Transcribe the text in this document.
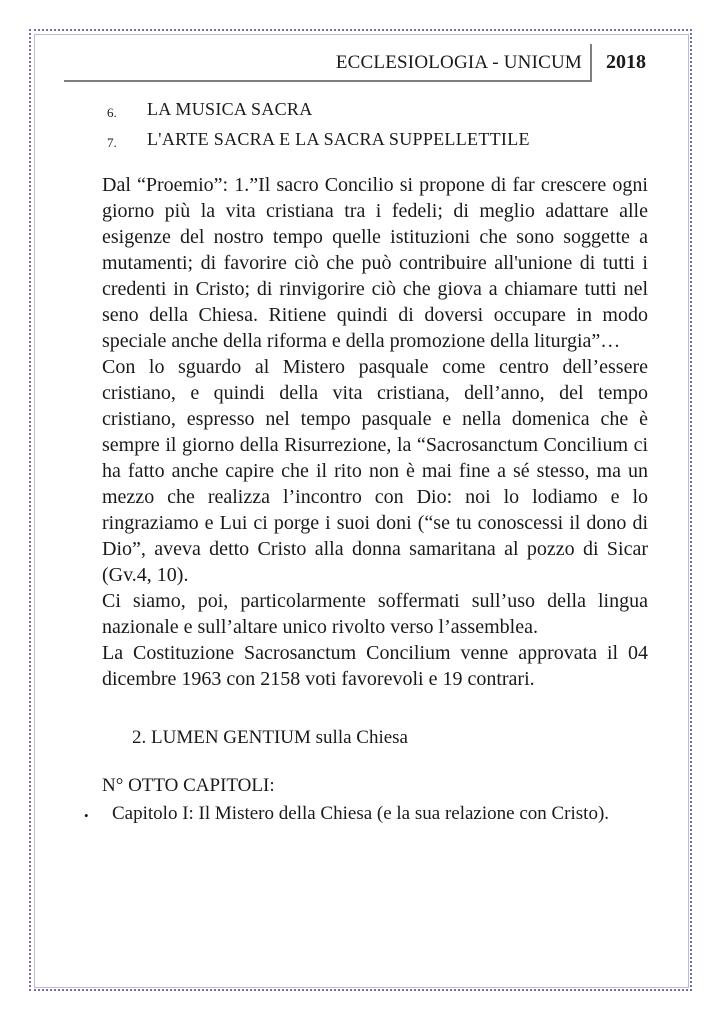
ECCLESIOLOGIA - UNICUM 2018
6.	LA MUSICA SACRA
7.	L'ARTE SACRA E LA SACRA SUPPELLETTILE

Dal “Proemio”: 1.”Il sacro Concilio si propone di far crescere ogni giorno più la vita cristiana tra i fedeli; di meglio adattare alle esigenze del nostro tempo quelle istituzioni che sono soggette a mutamenti; di favorire ciò che può contribuire all'unione di tutti i credenti in Cristo; di rinvigorire ciò che giova a chiamare tutti nel seno della Chiesa. Ritiene quindi di doversi occupare in modo speciale anche della riforma e della promozione della liturgia”…

Con lo sguardo al Mistero pasquale come centro dell’essere cristiano, e quindi della vita cristiana, dell’anno, del tempo cristiano, espresso nel tempo pasquale e nella domenica che è sempre il giorno della Risurrezione, la “Sacrosanctum Concilium ci ha fatto anche capire che il rito non è mai fine a sé stesso, ma un mezzo che realizza l’incontro con Dio: noi lo lodiamo e lo ringraziamo e Lui ci porge i suoi doni (“se tu conoscessi il dono di Dio”, aveva detto Cristo alla donna samaritana al pozzo di Sicar (Gv.4, 10).

Ci siamo, poi, particolarmente soffermati sull’uso della lingua nazionale e sull’altare unico rivolto verso l’assemblea.

La Costituzione Sacrosanctum Concilium venne approvata il 04 dicembre 1963 con 2158 voti favorevoli e 19 contrari.

2. LUMEN GENTIUM sulla Chiesa

N° OTTO CAPITOLI:

•	Capitolo I: Il Mistero della Chiesa (e la sua relazione con Cristo).
